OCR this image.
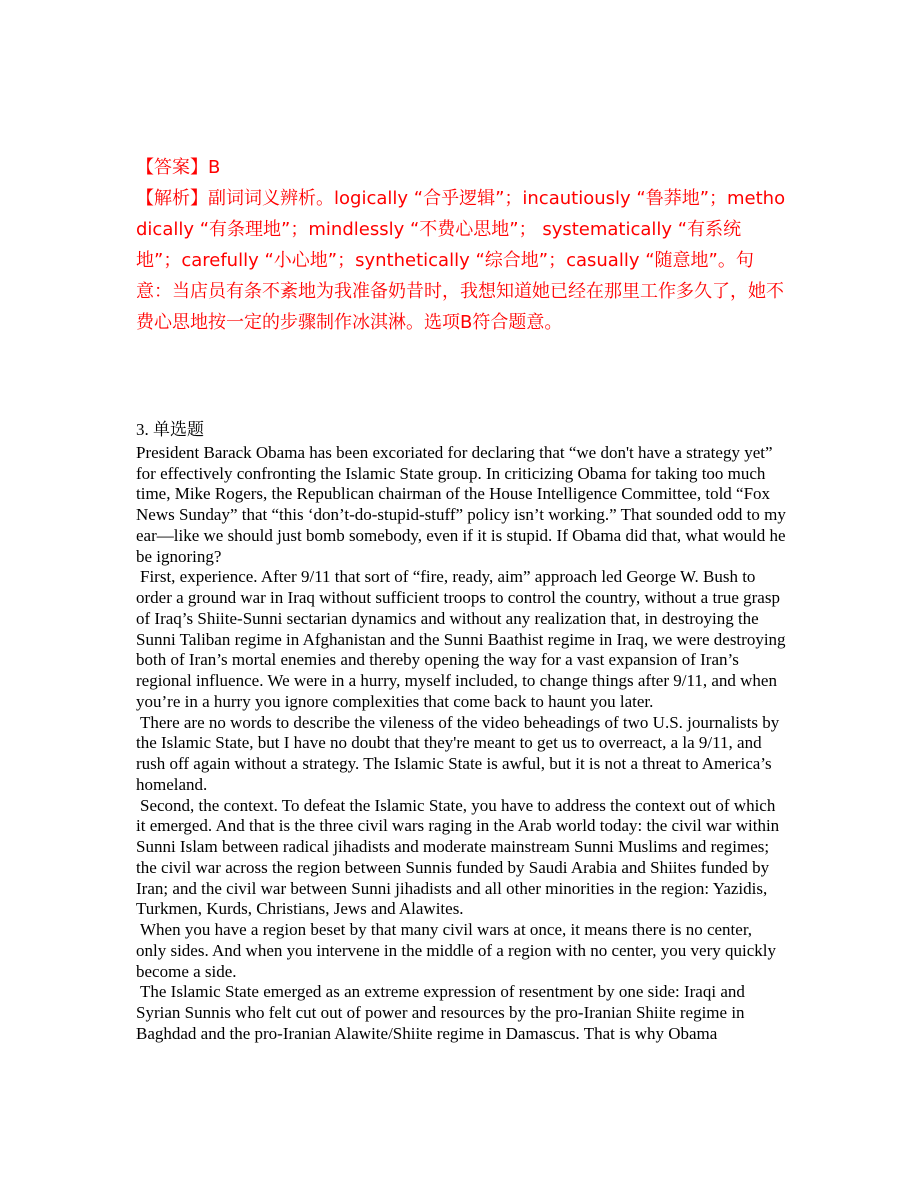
【答案】B

【解析】副词词义辨析。logically “合乎逻辑”；incautiously “鲁莽地”；methodically “有条理地”；mindlessly “不费心思地”； systematically “有系统地”；carefully “小心地”；synthetically “综合地”；casually “随意地”。句意：当店员有条不紊地为我准备奶昔时，我想知道她已经在那里工作多久了，她不费心思地按一定的步骤制作冰淇淋。选项B符合题意。

3. 单选题

President Barack Obama has been excoriated for declaring that “we don't have a strategy yet” for effectively confronting the Islamic State group. In criticizing Obama for taking too much time, Mike Rogers, the Republican chairman of the House Intelligence Committee, told “Fox News Sunday” that “this ‘don’t-do-stupid-stuff” policy isn’t working.” That sounded odd to my ear—like we should just bomb somebody, even if it is stupid. If Obama did that, what would he be ignoring?

First, experience. After 9/11 that sort of “fire, ready, aim” approach led George W. Bush to order a ground war in Iraq without sufficient troops to control the country, without a true grasp of Iraq’s Shiite-Sunni sectarian dynamics and without any realization that, in destroying the Sunni Taliban regime in Afghanistan and the Sunni Baathist regime in Iraq, we were destroying both of Iran’s mortal enemies and thereby opening the way for a vast expansion of Iran’s regional influence. We were in a hurry, myself included, to change things after 9/11, and when you’re in a hurry you ignore complexities that come back to haunt you later.

There are no words to describe the vileness of the video beheadings of two U.S. journalists by the Islamic State, but I have no doubt that they're meant to get us to overreact, a la 9/11, and rush off again without a strategy. The Islamic State is awful, but it is not a threat to America’s homeland.

Second, the context. To defeat the Islamic State, you have to address the context out of which it emerged. And that is the three civil wars raging in the Arab world today: the civil war within Sunni Islam between radical jihadists and moderate mainstream Sunni Muslims and regimes; the civil war across the region between Sunnis funded by Saudi Arabia and Shiites funded by Iran; and the civil war between Sunni jihadists and all other minorities in the region: Yazidis, Turkmen, Kurds, Christians, Jews and Alawites.

When you have a region beset by that many civil wars at once, it means there is no center, only sides. And when you intervene in the middle of a region with no center, you very quickly become a side.

The Islamic State emerged as an extreme expression of resentment by one side: Iraqi and Syrian Sunnis who felt cut out of power and resources by the pro-Iranian Shiite regime in Baghdad and the pro-Iranian Alawite/Shiite regime in Damascus. That is why Obama
